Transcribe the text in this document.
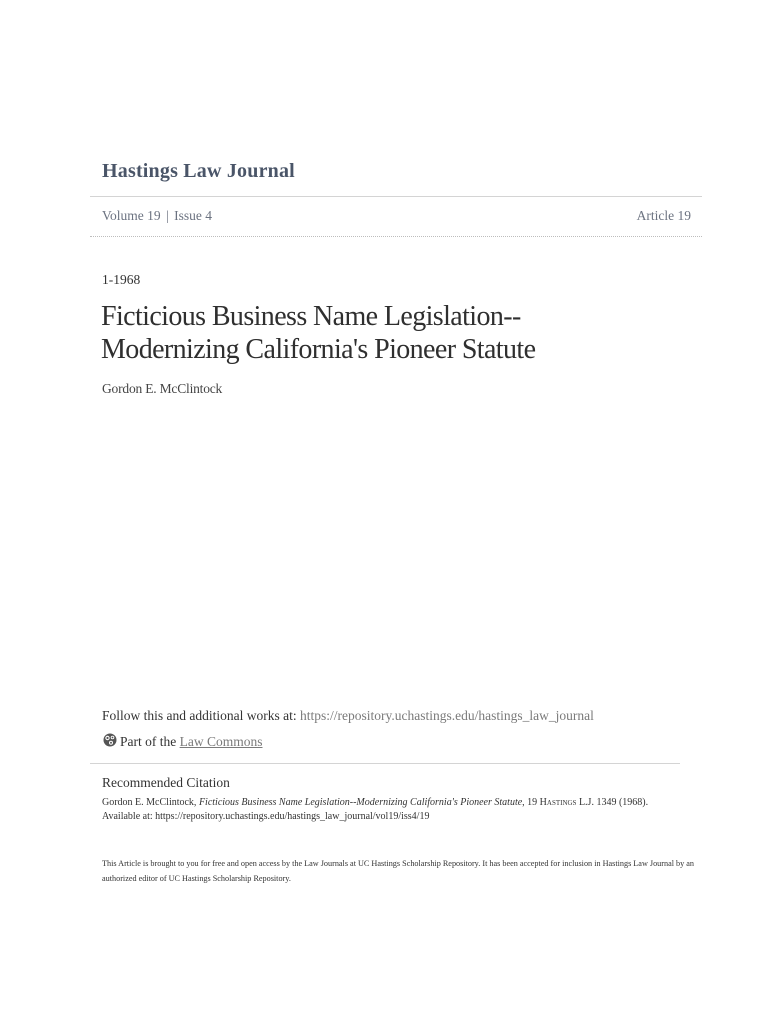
Hastings Law Journal
Volume 19 | Issue 4	Article 19
1-1968
Ficticious Business Name Legislation--
Modernizing California's Pioneer Statute
Gordon E. McClintock
Follow this and additional works at: https://repository.uchastings.edu/hastings_law_journal
Part of the Law Commons
Recommended Citation
Gordon E. McClintock, Ficticious Business Name Legislation--Modernizing California's Pioneer Statute, 19 Hastings L.J. 1349 (1968).
Available at: https://repository.uchastings.edu/hastings_law_journal/vol19/iss4/19
This Article is brought to you for free and open access by the Law Journals at UC Hastings Scholarship Repository. It has been accepted for inclusion in Hastings Law Journal by an authorized editor of UC Hastings Scholarship Repository.
